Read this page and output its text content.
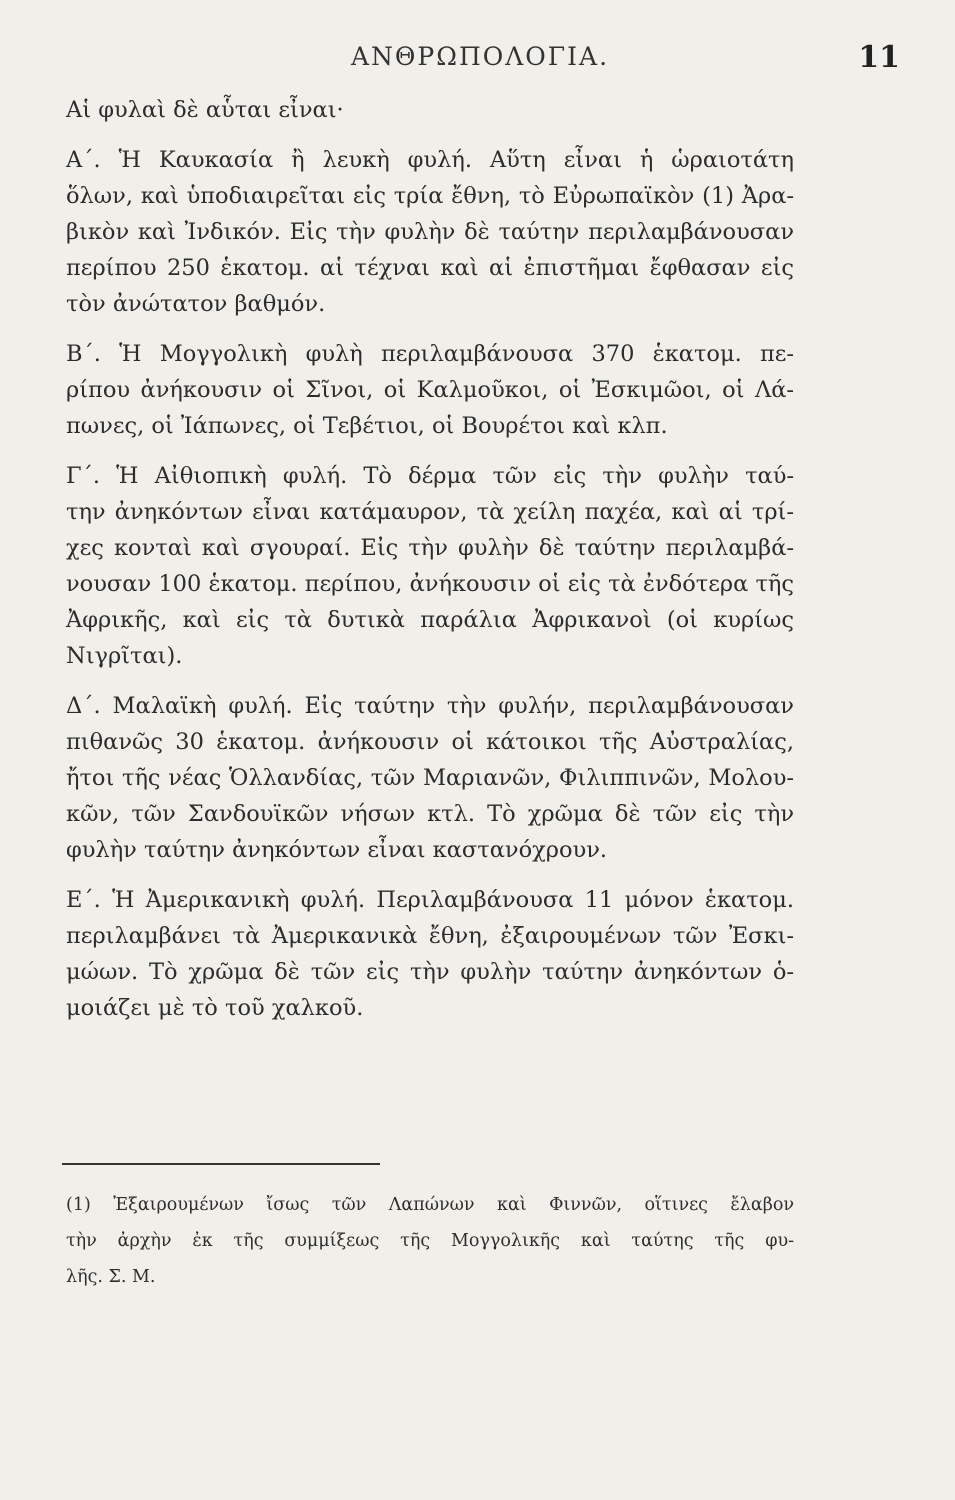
ΑΝΘΡΩΠΟΛΟΓΙΑ.	11
Αἱ φυλαὶ δὲ αὗται εἶναι·
Α΄. Ἡ Καυκασία ἢ λευκὴ φυλή. Αὕτη εἶναι ἡ ὡραιοτάτη
ὅλων, καὶ ὑποδιαιρεῖται εἰς τρία ἔθνη, τὸ Εὐρωπαϊκὸν (1) Ἀρα-
βικὸν καὶ Ἰνδικόν. Εἰς τὴν φυλὴν δὲ ταύτην περιλαμβάνουσαν
περίπου 250 ἑκατομ. αἱ τέχναι καὶ αἱ ἐπιστῆμαι ἔφθασαν εἰς
τὸν ἀνώτατον βαθμόν.
Β΄. Ἡ Μογγολικὴ φυλὴ περιλαμβάνουσα 370 ἑκατομ. πε-
ρίπου ἀνήκουσιν οἱ Σῖνοι, οἱ Καλμοῦκοι, οἱ Ἐσκιμῶοι, οἱ Λά-
πωνες, οἱ Ἰάπωνες, οἱ Τεβέτιοι, οἱ Βουρέτοι καὶ κλπ.
Γ΄. Ἡ Αἰθιοπικὴ φυλή. Τὸ δέρμα τῶν εἰς τὴν φυλὴν ταύ-
την ἀνηκόντων εἶναι κατάμαυρον, τὰ χείλη παχέα, καὶ αἱ τρί-
χες κονταὶ καὶ σγουραί. Εἰς τὴν φυλὴν δὲ ταύτην περιλαμβά-
νουσαν 100 ἑκατομ. περίπου, ἀνήκουσιν οἱ εἰς τὰ ἐνδότερα τῆς
Ἀφρικῆς, καὶ εἰς τὰ δυτικὰ παράλια Ἀφρικανοὶ (οἱ κυρίως
Νιγρῖται).
Δ΄. Μαλαϊκὴ φυλή. Εἰς ταύτην τὴν φυλήν, περιλαμβάνουσαν
πιθανῶς 30 ἑκατομ. ἀνήκουσιν οἱ κάτοικοι τῆς Αὐστραλίας,
ἤτοι τῆς νέας Ὁλλανδίας, τῶν Μαριανῶν, Φιλιππινῶν, Μολου-
κῶν, τῶν Σανδουϊκῶν νήσων κτλ. Τὸ χρῶμα δὲ τῶν εἰς τὴν
φυλὴν ταύτην ἀνηκόντων εἶναι καστανόχρουν.
Ε΄. Ἡ Ἀμερικανικὴ φυλή. Περιλαμβάνουσα 11 μόνον ἑκατομ.
περιλαμβάνει τὰ Ἀμερικανικὰ ἔθνη, ἐξαιρουμένων τῶν Ἐσκι-
μώων. Τὸ χρῶμα δὲ τῶν εἰς τὴν φυλὴν ταύτην ἀνηκόντων ὁ-
μοιάζει μὲ τὸ τοῦ χαλκοῦ.
(1) Ἐξαιρουμένων ἴσως τῶν Λαπώνων καὶ Φιννῶν, οἵτινες ἔλαβον
τὴν ἀρχὴν ἐκ τῆς συμμίξεως τῆς Μογγολικῆς καὶ ταύτης τῆς φυ-
λῆς. Σ. Μ.
